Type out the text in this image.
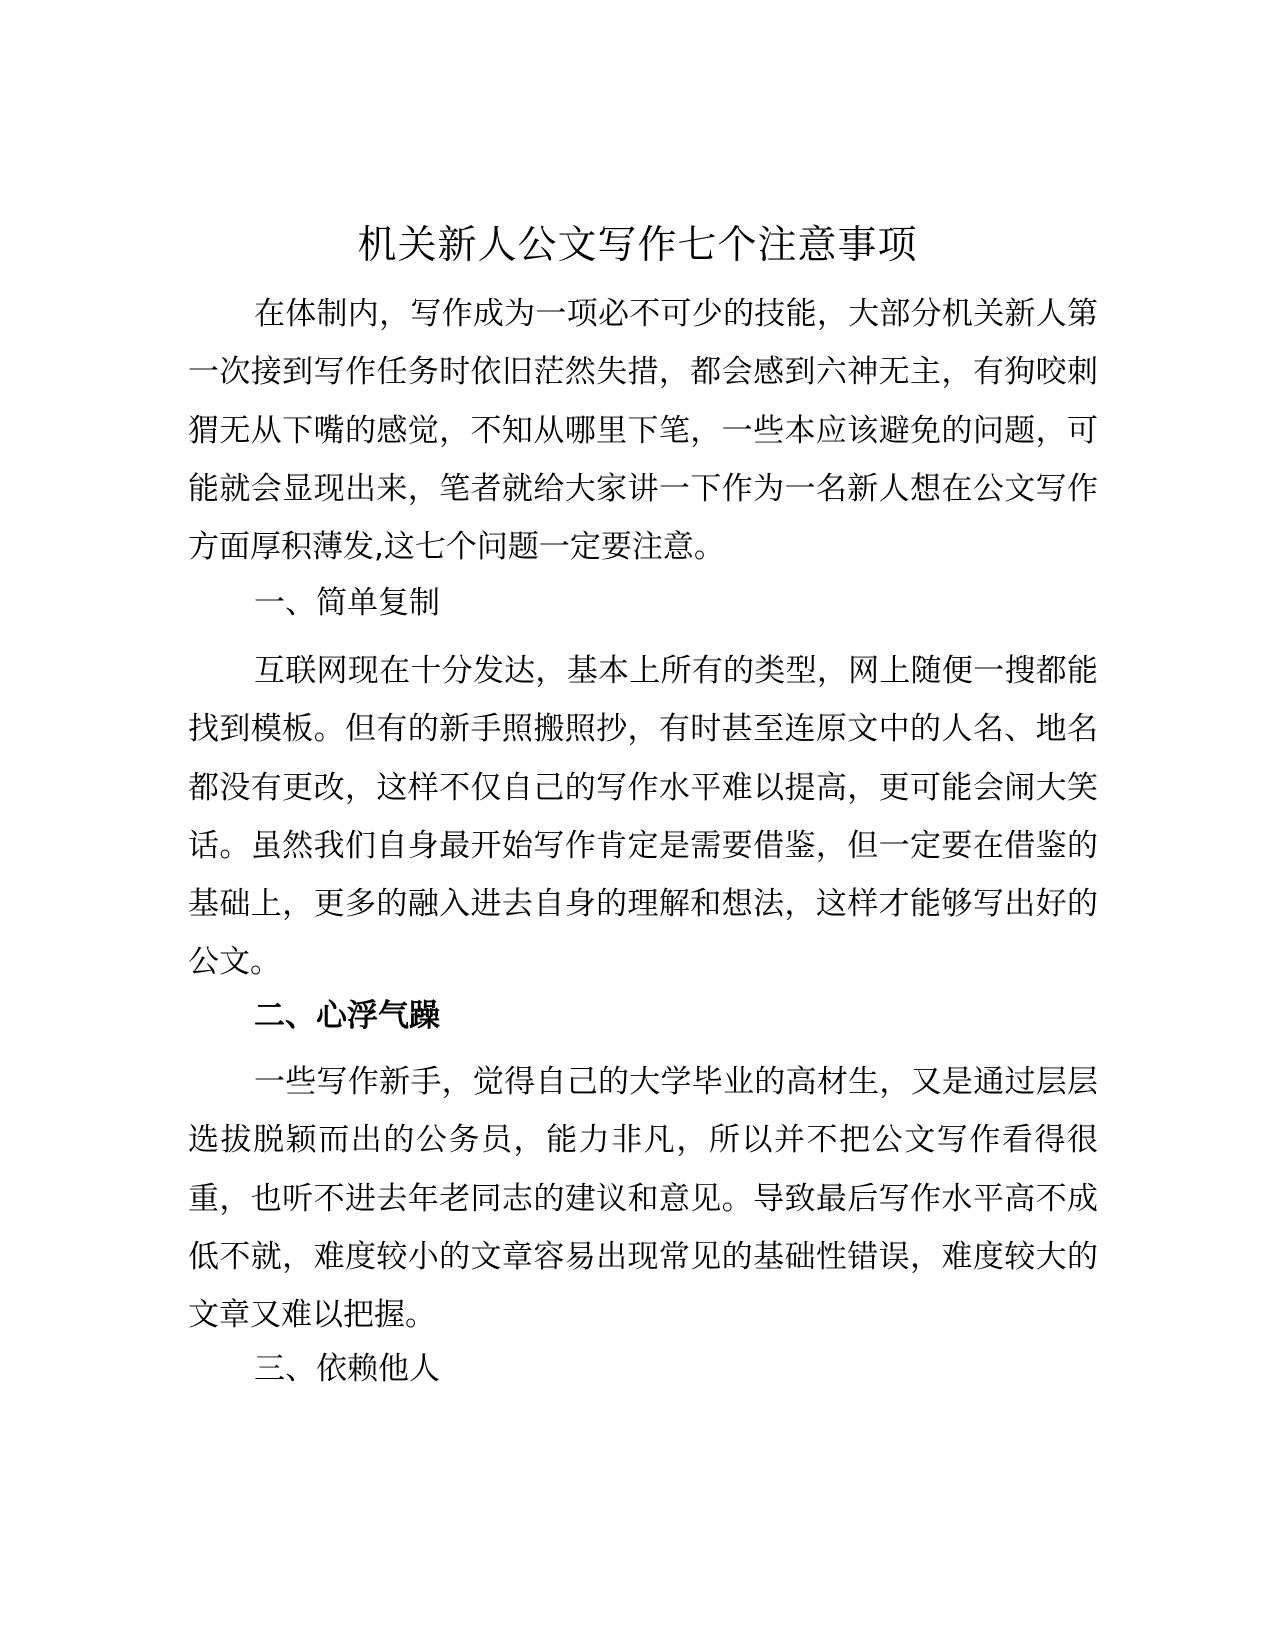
机关新人公文写作七个注意事项

在体制内，写作成为一项必不可少的技能，大部分机关新人第一次接到写作任务时依旧茫然失措，都会感到六神无主，有狗咬刺猬无从下嘴的感觉，不知从哪里下笔，一些本应该避免的问题，可能就会显现出来，笔者就给大家讲一下作为一名新人想在公文写作方面厚积薄发,这七个问题一定要注意。

一、简单复制

互联网现在十分发达，基本上所有的类型，网上随便一搜都能找到模板。但有的新手照搬照抄，有时甚至连原文中的人名、地名都没有更改，这样不仅自己的写作水平难以提高，更可能会闹大笑话。虽然我们自身最开始写作肯定是需要借鉴，但一定要在借鉴的基础上，更多的融入进去自身的理解和想法，这样才能够写出好的公文。

二、心浮气躁

一些写作新手，觉得自己的大学毕业的高材生，又是通过层层选拔脱颖而出的公务员，能力非凡，所以并不把公文写作看得很重，也听不进去年老同志的建议和意见。导致最后写作水平高不成低不就，难度较小的文章容易出现常见的基础性错误，难度较大的文章又难以把握。

三、依赖他人
